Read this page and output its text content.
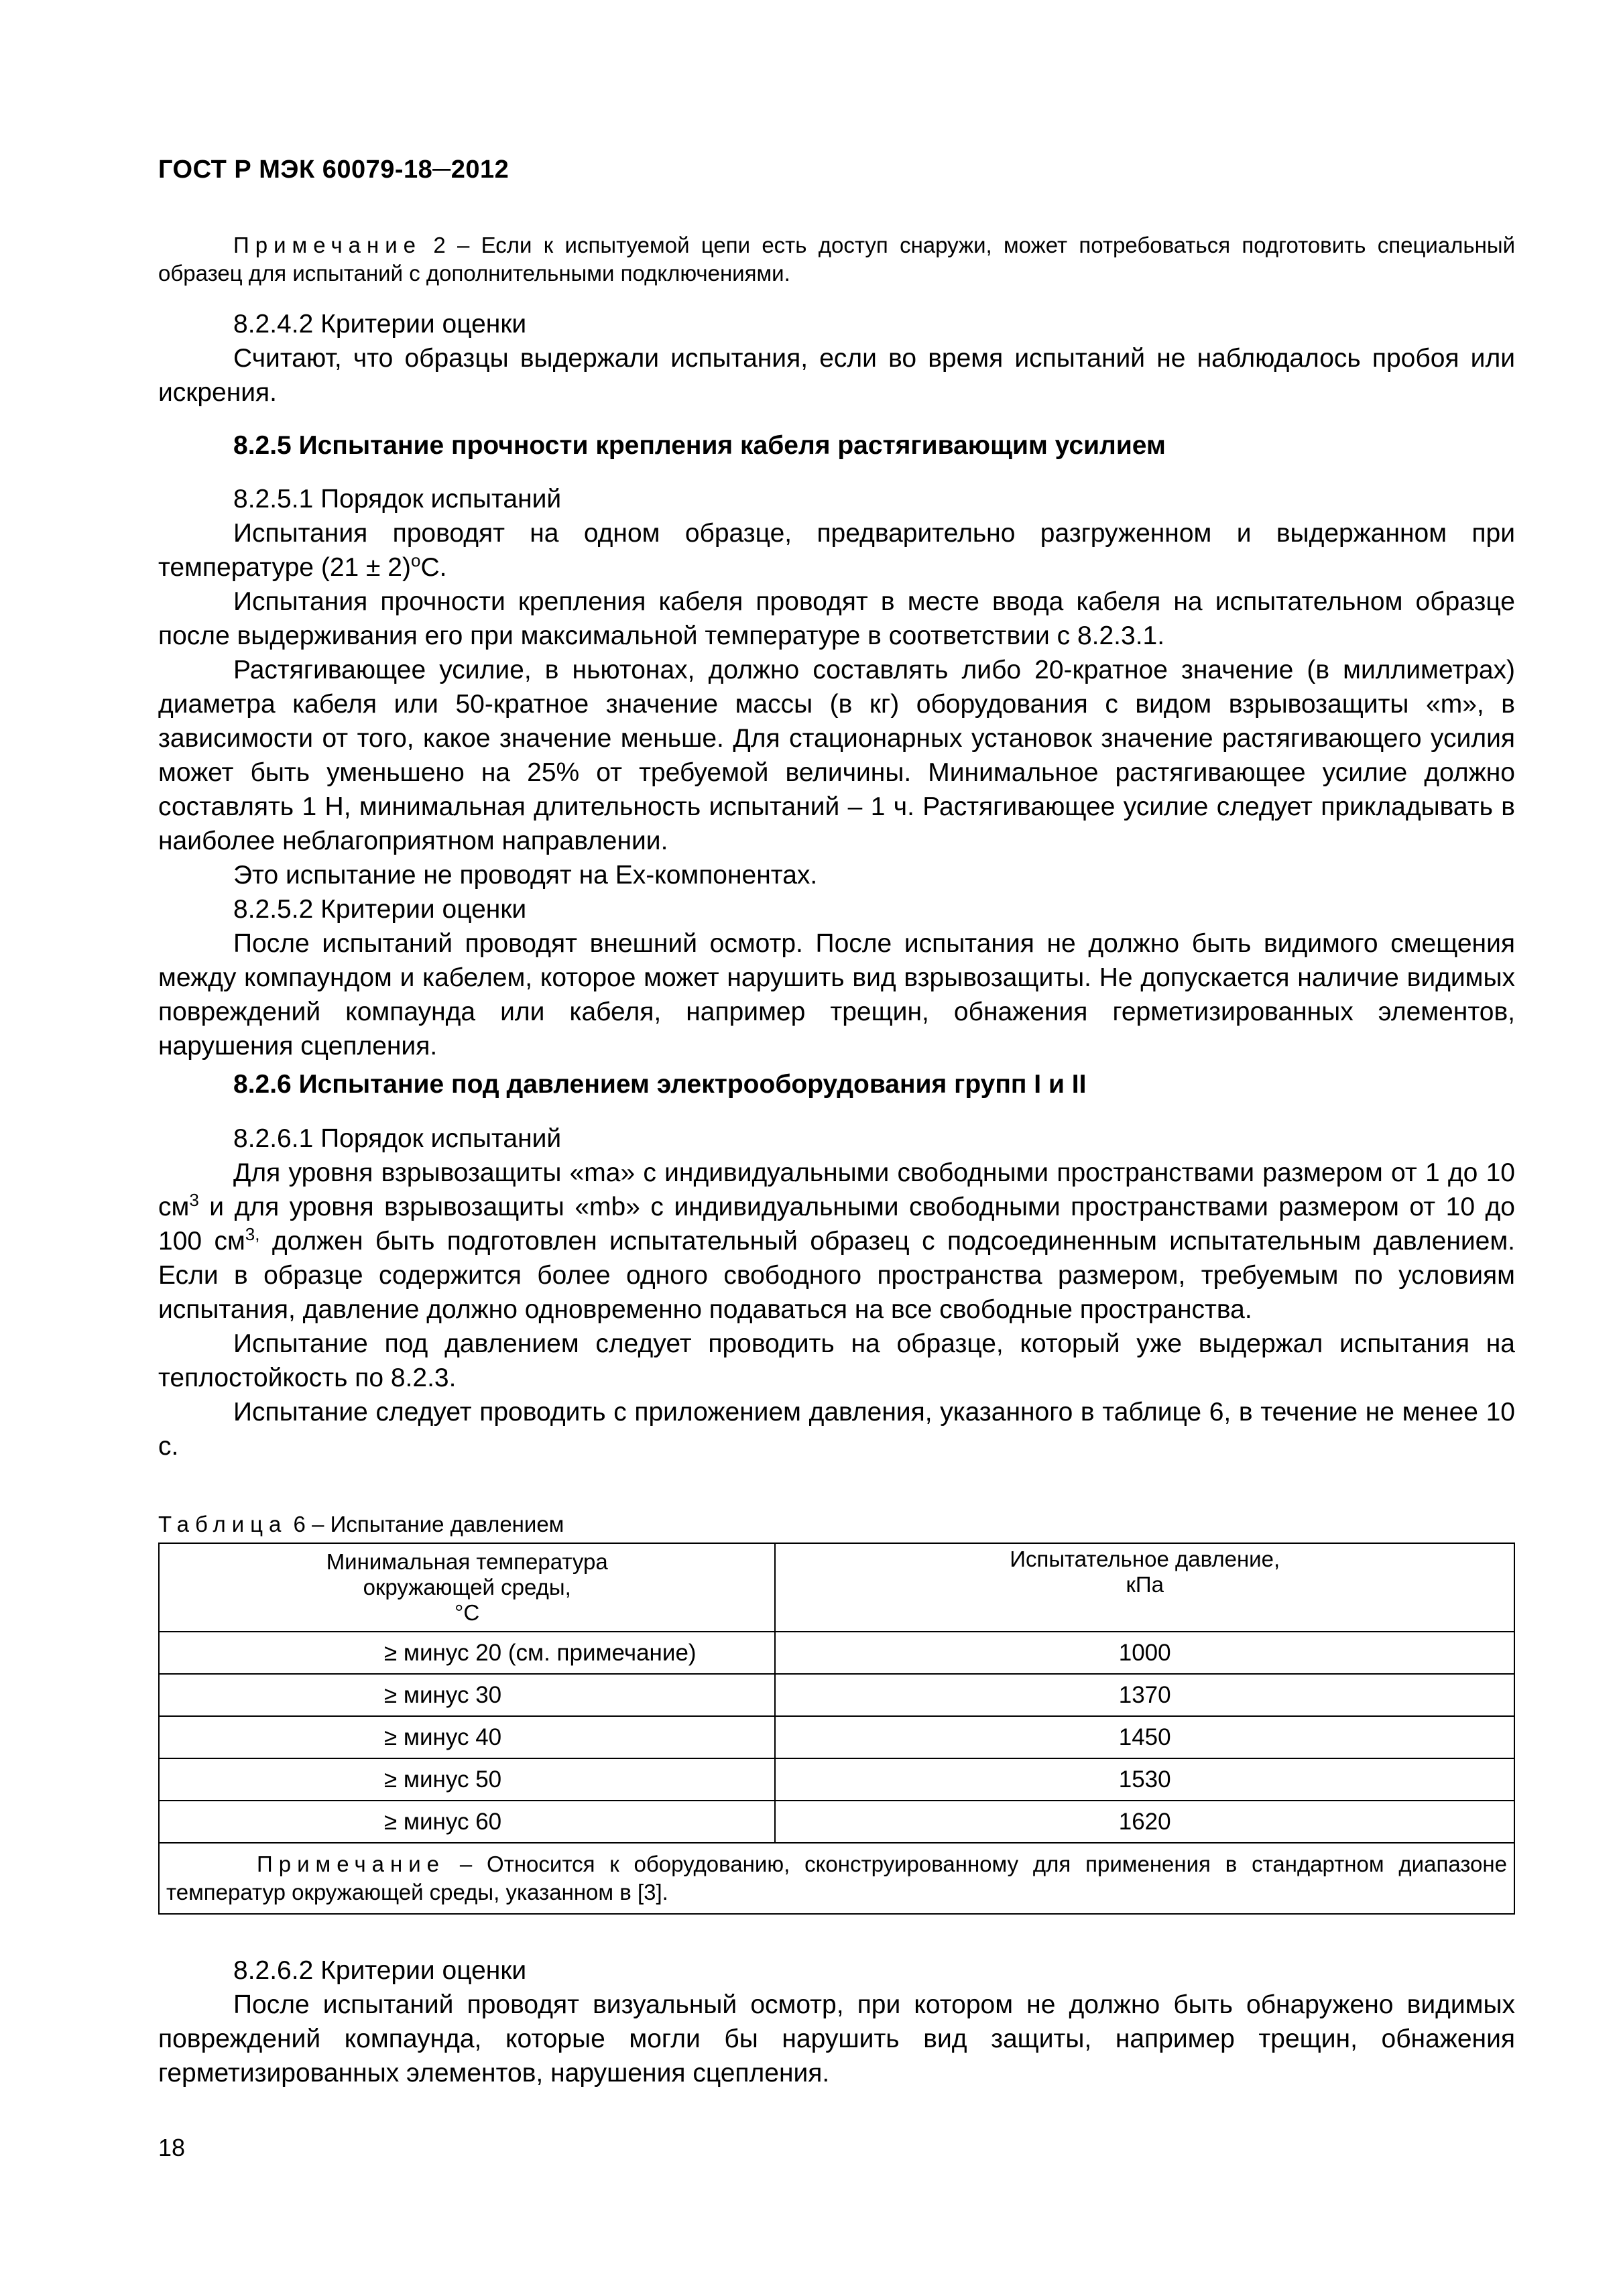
ГОСТ Р МЭК 60079-18─2012

Примечание 2 – Если к испытуемой цепи есть доступ снаружи, может потребоваться подготовить специальный образец для испытаний с дополнительными подключениями.

8.2.4.2 Критерии оценки

Считают, что образцы выдержали испытания, если во время испытаний не наблюдалось пробоя или искрения.

8.2.5 Испытание прочности крепления кабеля растягивающим усилием

8.2.5.1 Порядок испытаний

Испытания проводят на одном образце, предварительно разгруженном и выдержанном при температуре $(21 \pm 2)^оС$.

Испытания прочности крепления кабеля проводят в месте ввода кабеля на испытательном образце после выдерживания его при максимальной температуре в соответствии с 8.2.3.1.

Растягивающее усилие, в ньютонах, должно составлять либо 20-кратное значение (в миллиметрах) диаметра кабеля или 50-кратное значение массы (в кг) оборудования с видом взрывозащиты «m», в зависимости от того, какое значение меньше. Для стационарных установок значение растягивающего усилия может быть уменьшено на 25% от требуемой величины. Минимальное растягивающее усилие должно составлять 1 Н, минимальная длительность испытаний – 1 ч. Растягивающее усилие следует прикладывать в наиболее неблагоприятном направлении.

Это испытание не проводят на Ex-компонентах.

8.2.5.2 Критерии оценки

После испытаний проводят внешний осмотр. После испытания не должно быть видимого смещения между компаундом и кабелем, которое может нарушить вид взрывозащиты. Не допускается наличие видимых повреждений компаунда или кабеля, например трещин, обнажения герметизированных элементов, нарушения сцепления.

8.2.6 Испытание под давлением электрооборудования групп I и II

8.2.6.1 Порядок испытаний

Для уровня взрывозащиты «ma» с индивидуальными свободными пространствами размером от 1 до 10 $см^3$ и для уровня взрывозащиты «mb» с индивидуальными свободными пространствами размером от 10 до 100 $см^{3,}$ должен быть подготовлен испытательный образец с подсоединенным испытательным давлением. Если в образце содержится более одного свободного пространства размером, требуемым по условиям испытания, давление должно одновременно подаваться на все свободные пространства.

Испытание под давлением следует проводить на образце, который уже выдержал испытания на теплостойкость по 8.2.3.

Испытание следует проводить с приложением давления, указанного в таблице 6, в течение не менее 10 с.

Таблица 6 – Испытание давлением
Минимальная температура
окружающей среды,
°С	Испытательное давление,
кПа
≥ минус 20 (см. примечание)	1000
≥ минус 30	1370
≥ минус 40	1450
≥ минус 50	1530
≥ минус 60	1620
Примечание – Относится к оборудованию, сконструированному для применения в стандартном диапазоне температур окружающей среды, указанном в [3].	

8.2.6.2 Критерии оценки

После испытаний проводят визуальный осмотр, при котором не должно быть обнаружено видимых повреждений компаунда, которые могли бы нарушить вид защиты, например трещин, обнажения герметизированных элементов, нарушения сцепления.

18
